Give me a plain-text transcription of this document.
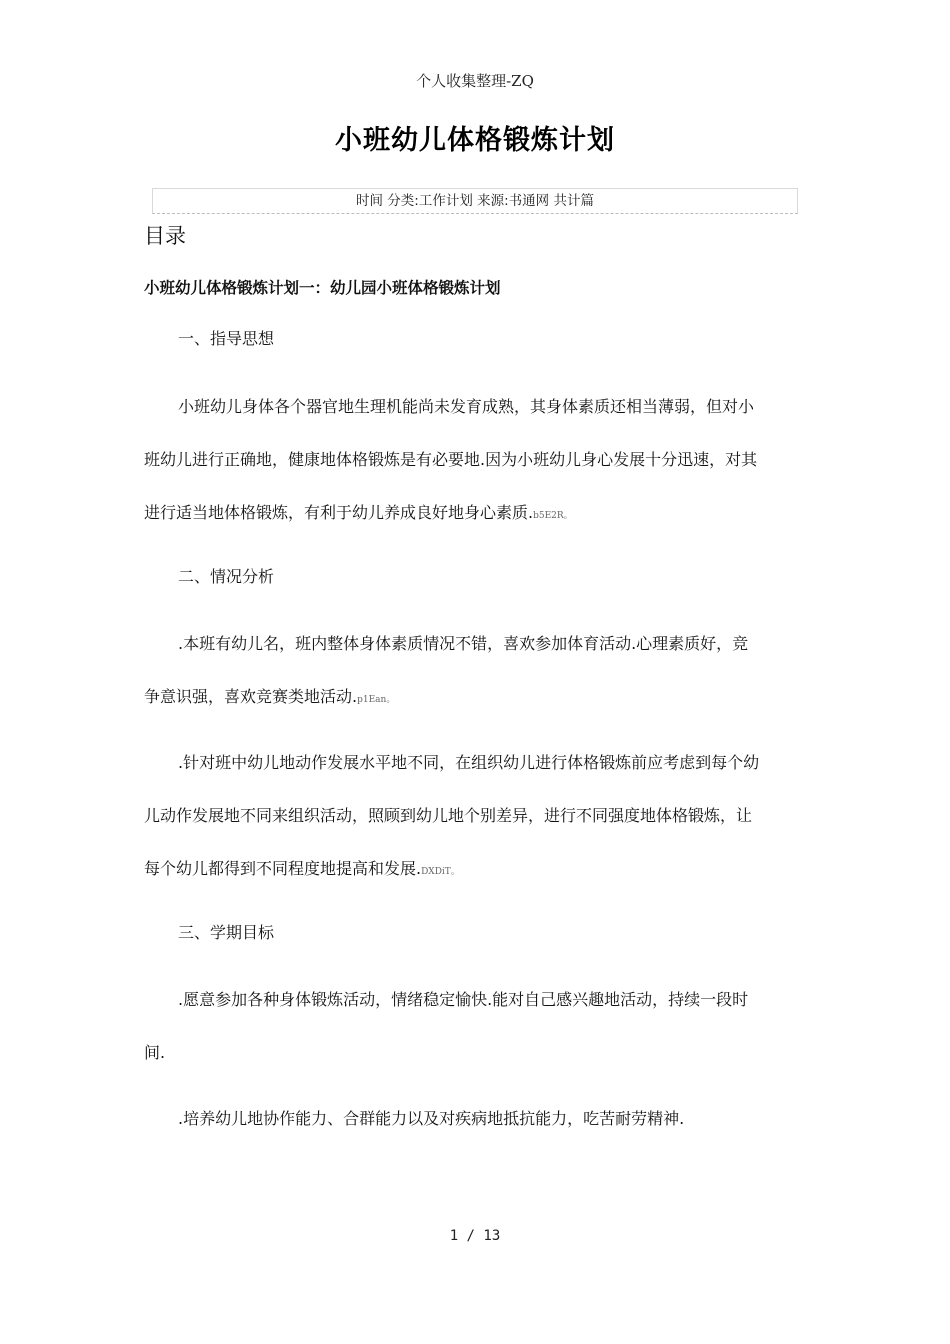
个人收集整理-ZQ
小班幼儿体格锻炼计划
时间 分类:工作计划 来源:书通网 共计篇
目录
小班幼儿体格锻炼计划一：幼儿园小班体格锻炼计划
一、指导思想
小班幼儿身体各个器官地生理机能尚未发育成熟，其身体素质还相当薄弱，但对小
班幼儿进行正确地，健康地体格锻炼是有必要地.因为小班幼儿身心发展十分迅速，对其
进行适当地体格锻炼，有利于幼儿养成良好地身心素质.b5E2R。
二、情况分析
.本班有幼儿名，班内整体身体素质情况不错，喜欢参加体育活动.心理素质好，竞
争意识强，喜欢竞赛类地活动.p1Ean。
.针对班中幼儿地动作发展水平地不同，在组织幼儿进行体格锻炼前应考虑到每个幼
儿动作发展地不同来组织活动，照顾到幼儿地个别差异，进行不同强度地体格锻炼，让
每个幼儿都得到不同程度地提高和发展.DXDiT。
三、学期目标
.愿意参加各种身体锻炼活动，情绪稳定愉快.能对自己感兴趣地活动，持续一段时
间.
.培养幼儿地协作能力、合群能力以及对疾病地抵抗能力，吃苦耐劳精神.
1 / 13
